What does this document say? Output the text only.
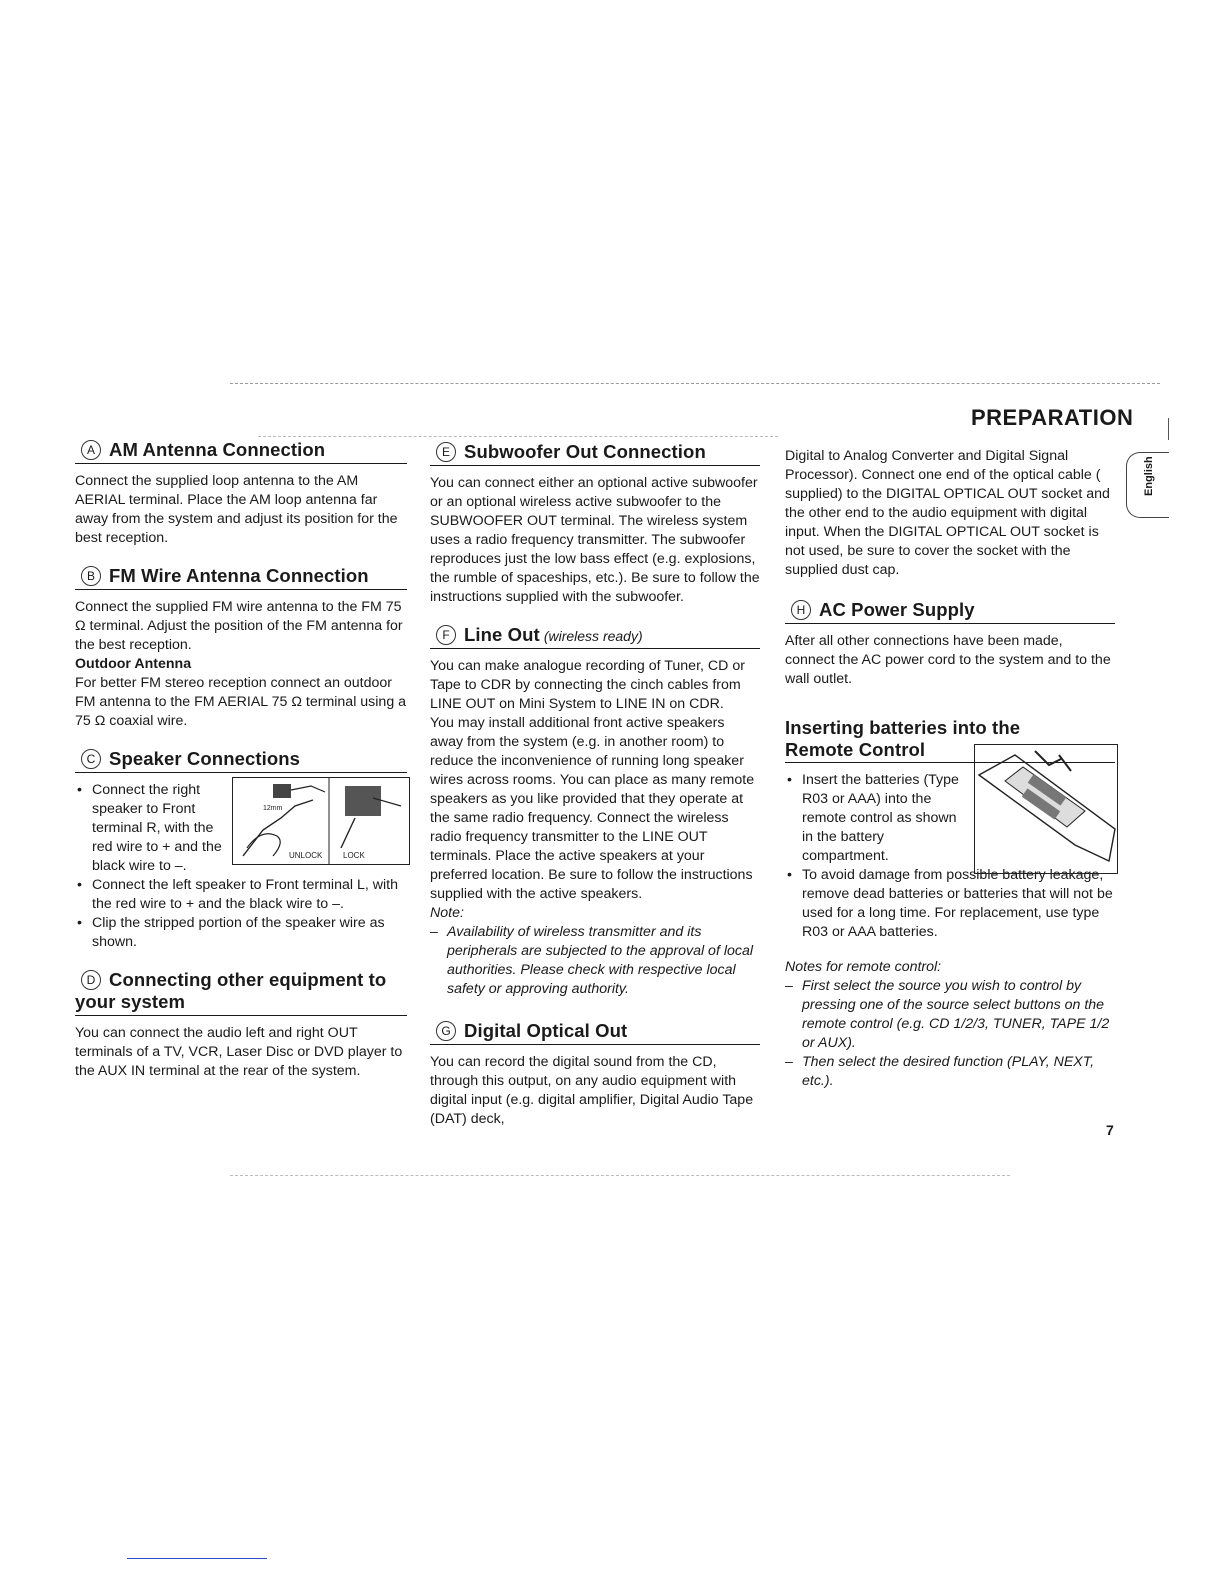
PREPARATION
English
A AM Antenna Connection

Connect the supplied loop antenna to the AM AERIAL terminal. Place the AM loop antenna far away from the system and adjust its position for the best reception.

B FM Wire Antenna Connection

Connect the supplied FM wire antenna to the FM 75 Ω terminal. Adjust the position of the FM antenna for the best reception.

Outdoor Antenna

For better FM stereo reception connect an outdoor FM antenna to the FM AERIAL 75 Ω terminal using a 75 Ω coaxial wire.

C Speaker Connections
• Connect the right speaker to Front terminal R, with the red wire to + and the black wire to –.
• Connect the left speaker to Front terminal L, with the red wire to + and the black wire to –.
• Clip the stripped portion of the speaker wire as shown.
D Connecting other equipment to your system

You can connect the audio left and right OUT terminals of a TV, VCR, Laser Disc or DVD player to the AUX IN terminal at the rear of the system.

12mm
UNLOCK	LOCK
E Subwoofer Out Connection

You can connect either an optional active subwoofer or an optional wireless active subwoofer to the SUBWOOFER OUT terminal. The wireless system uses a radio frequency transmitter. The subwoofer reproduces just the low bass effect (e.g. explosions, the rumble of spaceships, etc.). Be sure to follow the instructions supplied with the subwoofer.

F Line Out (wireless ready)

You can make analogue recording of Tuner, CD or Tape to CDR by connecting the cinch cables from LINE OUT on Mini System to LINE IN on CDR.

You may install additional front active speakers away from the system (e.g. in another room) to reduce the inconvenience of running long speaker wires across rooms. You can place as many remote speakers as you like provided that they operate at the same radio frequency. Connect the wireless radio frequency transmitter to the LINE OUT terminals. Place the active speakers at your preferred location. Be sure to follow the instructions supplied with the active speakers.

Note:

– Availability of wireless transmitter and its peripherals are subjected to the approval of local authorities. Please check with respective local safety or approving authority.
G Digital Optical Out

You can record the digital sound from the CD, through this output, on any audio equipment with digital input (e.g. digital amplifier, Digital Audio Tape (DAT) deck,

Digital to Analog Converter and Digital Signal Processor). Connect one end of the optical cable ( supplied) to the DIGITAL OPTICAL OUT socket and the other end to the audio equipment with digital input. When the DIGITAL OPTICAL OUT socket is not used, be sure to cover the socket with the supplied dust cap.

H AC Power Supply

After all other connections have been made, connect the AC power cord to the system and to the wall outlet.

Inserting batteries into the Remote Control
• Insert the batteries (Type R03 or AAA) into the remote control as shown in the battery compartment.
• To avoid damage from possible battery leakage, remove dead batteries or batteries that will not be used for a long time. For replacement, use type R03 or AAA batteries.

Notes for remote control:

– First select the source you wish to control by pressing one of the source select buttons on the remote control (e.g. CD 1/2/3, TUNER, TAPE 1/2 or AUX).
– Then select the desired function (PLAY, NEXT, etc.).
7
